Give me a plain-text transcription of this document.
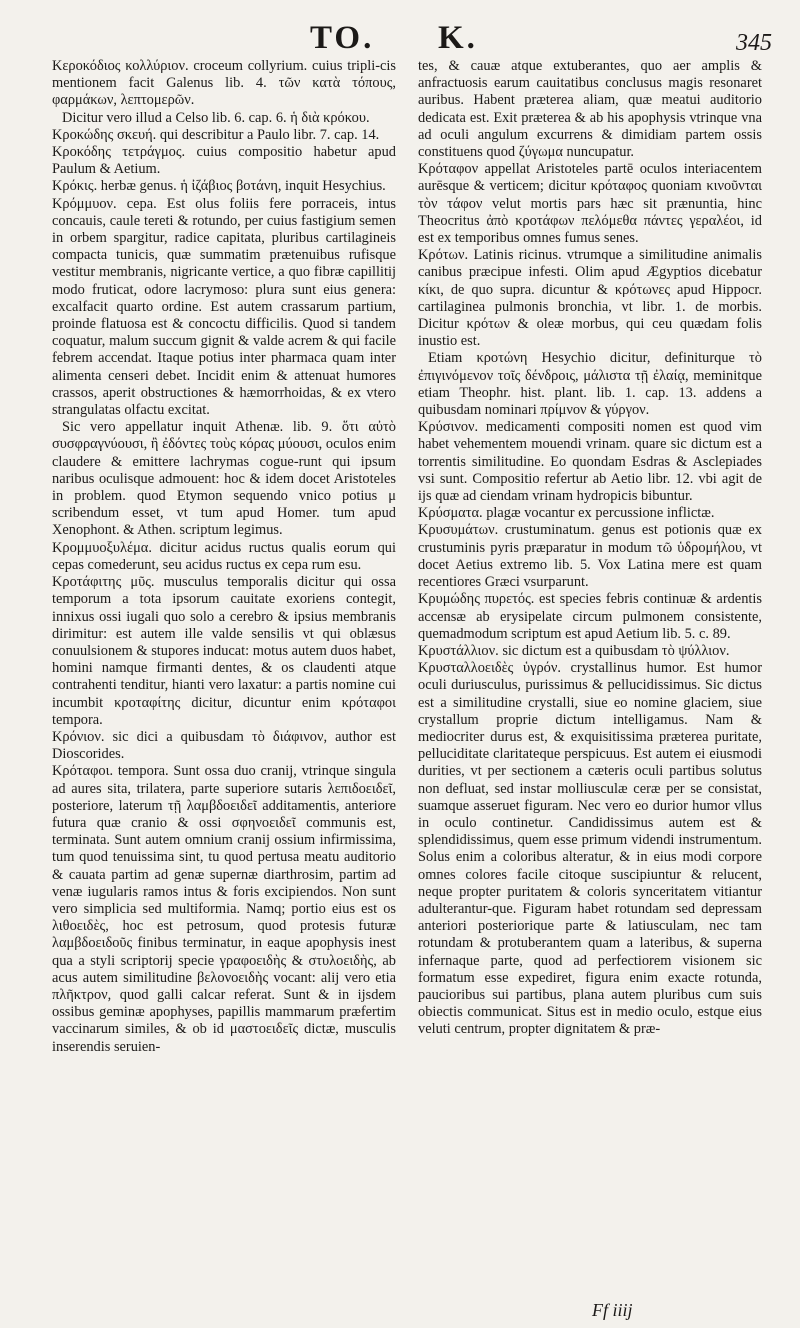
TO. K.	345

Κεροκόδιος κολλύριον. croceum collyrium. cuius tripli-cis mentionem facit Galenus lib. 4. τῶν κατὰ τόπους, φαρμάκων, λεπτομερῶν.

Dicitur vero illud a Celso lib. 6. cap. 6. ἡ διὰ κρόκου.

Κροκώδης σκευή. qui describitur a Paulo libr. 7. cap. 14.

Κροκόδης τετράγμος. cuius compositio habetur apud Paulum & Aetium.

Κρόκις. herbæ genus. ἡ ἰζάβιος βοτάνη, inquit Hesychius.

Κρόμμυον. cepa. Est olus foliis fere porraceis, intus concauis, caule tereti & rotundo, per cuius fastigium semen in orbem spargitur, radice capitata, pluribus cartilagineis compacta tunicis, quæ summatim prætenuibus rufisque vestitur membranis, nigricante vertice, a quo fibræ capillitij modo fruticat, odore lacrymoso: plura sunt eius genera: excalfacit quarto ordine. Est autem crassarum partium, proinde flatuosa est & concoctu difficilis. Quod si tandem coquatur, malum succum gignit & valde acrem & qui facile febrem accendat. Itaque potius inter pharmaca quam inter alimenta censeri debet. Incidit enim & attenuat humores crassos, aperit obstructiones & hæmorrhoidas, & ex vtero strangulatas olfactu excitat.

Sic vero appellatur inquit Athenæ. lib. 9. ὅτι αὐτὸ συσφραγνύουσι, ἢ ἐδόντες τοὺς κόρας μύουσι, oculos enim claudere & emittere lachrymas cogue-runt qui ipsum naribus oculisque admouent: hoc & idem docet Aristoteles in problem. quod Etymon sequendo vnico potius μ scribendum esset, vt tum apud Homer. tum apud Xenophont. & Athen. scriptum legimus.

Κρομμυοξυλέμα. dicitur acidus ructus qualis eorum qui cepas comederunt, seu acidus ructus ex cepa rum esu.

Κροτάφιτης μῦς. musculus temporalis dicitur qui ossa temporum a tota ipsorum cauitate exoriens contegit, innixus ossi iugali quo solo a cerebro & ipsius membranis dirimitur: est autem ille valde sensilis vt qui oblæsus conuulsionem & stupores inducat: motus autem duos habet, homini namque firmanti dentes, & os claudenti atque contrahenti tenditur, hianti vero laxatur: a partis nomine cui incumbit κροταφίτης dicitur, dicuntur enim κρόταφοι tempora.

Κρόνιον. sic dici a quibusdam τὸ διάφινον, author est Dioscorides.

Κρόταφοι. tempora. Sunt ossa duo cranij, vtrinque singula ad aures sita, trilatera, parte superiore sutaris λεπιδοειδεῖ, posteriore, laterum τῇ λαμβδοειδεῖ additamentis, anteriore futura quæ cranio & ossi σφηνοειδεῖ communis est, terminata. Sunt autem omnium cranij ossium infirmissima, tum quod tenuissima sint, tu quod pertusa meatu auditorio & cauata partim ad genæ supernæ diarthrosim, partim ad venæ iugularis ramos intus & foris excipiendos. Non sunt vero simplicia sed multiformia. Namq; portio eius est os λιθοειδὲς, hoc est petrosum, quod protesis futuræ λαμβδοειδοῦς finibus terminatur, in eaque apophysis inest qua a styli scriptorij specie γραφοειδὴς & στυλοειδὴς, ab acus autem similitudine βελονοειδὴς vocant: alij vero etia πλῆκτρον, quod galli calcar referat. Sunt & in ijsdem ossibus geminæ apophyses, papillis mammarum præfertim vaccinarum similes, & ob id μαστοειδεῖς dictæ, musculis inserendis seruien-

tes, & cauæ atque extuberantes, quo aer amplis & anfractuosis earum cauitatibus conclusus magis resonaret auribus. Habent præterea aliam, quæ meatui auditorio dedicata est. Exit præterea & ab his apophysis vtrinque vna ad oculi angulum excurrens & dimidiam partem ossis constituens quod ζύγωμα nuncupatur.

Κρόταφον appellat Aristoteles partē oculos interiacentem aurēsque & verticem; dicitur κρόταφος quoniam κινοῦνται τὸν τάφον velut mortis pars hæc sit prænuntia, hinc Theocritus ἀπὸ κροτάφων πελόμεθα πάντες γεραλέοι, id est ex temporibus omnes fumus senes.

Κρότων. Latinis ricinus. vtrumque a similitudine animalis canibus præcipue infesti. Olim apud Ægyptios dicebatur κίκι, de quo supra. dicuntur & κρότωνες apud Hippocr. cartilaginea pulmonis bronchia, vt libr. 1. de morbis. Dicitur κρότων & oleæ morbus, qui ceu quædam folis inustio est.

Etiam κροτώνη Hesychio dicitur, definiturque τὸ ἐπιγινόμενον τοῖς δένδροις, μάλιστα τῇ ἐλαίᾳ, meminitque etiam Theophr. hist. plant. lib. 1. cap. 13. addens a quibusdam nominari πρίμνον & γύργον.

Κρύσινον. medicamenti compositi nomen est quod vim habet vehementem mouendi vrinam. quare sic dictum est a torrentis similitudine. Eo quondam Esdras & Asclepiades vsi sunt. Compositio refertur ab Aetio libr. 12. vbi agit de ijs quæ ad ciendam vrinam hydropicis bibuntur.

Κρύσματα. plagæ vocantur ex percussione inflictæ.

Κρυσυμάτων. crustuminatum. genus est potionis quæ ex crustuminis pyris præparatur in modum τῶ ὑδρομήλου, vt docet Aetius extremo lib. 5. Vox Latina mere est quam recentiores Græci vsurparunt.

Κρυμώδης πυρετός. est species febris continuæ & ardentis accensæ ab erysipelate circum pulmonem consistente, quemadmodum scriptum est apud Aetium lib. 5. c. 89.

Κρυστάλλιον. sic dictum est a quibusdam τὸ ψύλλιον.

Κρυσταλλοειδὲς ὑγρόν. crystallinus humor. Est humor oculi duriusculus, purissimus & pellucidissimus. Sic dictus est a similitudine crystalli, siue eo nomine glaciem, siue crystallum proprie dictum intelligamus. Nam & mediocriter durus est, & exquisitissima præterea puritate, pelluciditate claritateque perspicuus. Est autem ei eiusmodi durities, vt per sectionem a cæteris oculi partibus solutus non defluat, sed instar molliusculæ ceræ per se consistat, suamque asseruet figuram. Nec vero eo durior humor vllus in oculo continetur. Candidissimus autem est & splendidissimus, quem esse primum videndi instrumentum. Solus enim a coloribus alteratur, & in eius modi corpore omnes colores facile citoque suscipiuntur & relucent, neque propter puritatem & coloris synceritatem vitiantur adulterantur-que. Figuram habet rotundam sed depressam anteriori posteriorique parte & latiusculam, nec tam rotundam & protuberantem quam a lateribus, & superna infernaque parte, quod ad perfectiorem visionem sic formatum esse expediret, figura enim exacte rotunda, paucioribus sui partibus, plana autem pluribus cum suis obiectis communicat. Situs est in medio oculo, estque eius veluti centrum, propter dignitatem & præ-

Ff iiij
